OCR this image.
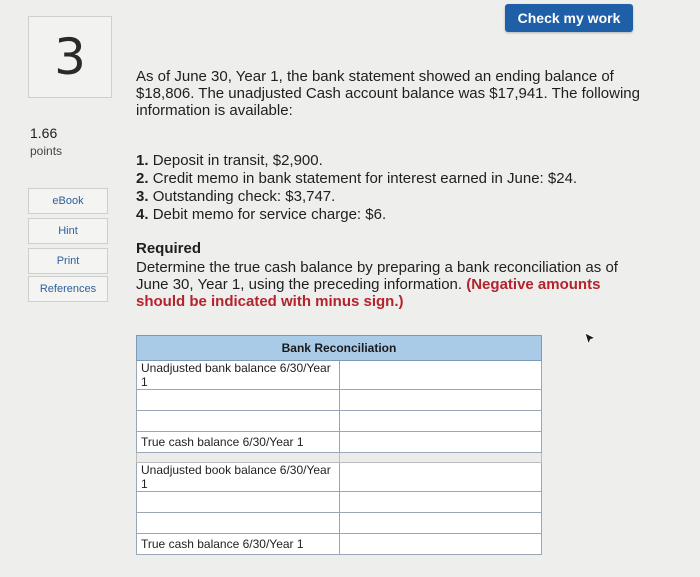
Check my work
3
1.66
points
eBook
Hint
Print
References
As of June 30, Year 1, the bank statement showed an ending balance of $18,806. The unadjusted Cash account balance was $17,941. The following information is available:
1. Deposit in transit, $2,900.
2. Credit memo in bank statement for interest earned in June: $24.
3. Outstanding check: $3,747.
4. Debit memo for service charge: $6.
Required
Determine the true cash balance by preparing a bank reconciliation as of June 30, Year 1, using the preceding information. (Negative amounts should be indicated with minus sign.)
Bank Reconciliation	
Unadjusted bank balance 6/30/Year 1	

True cash balance 6/30/Year 1	

Unadjusted book balance 6/30/Year 1	

True cash balance 6/30/Year 1	
